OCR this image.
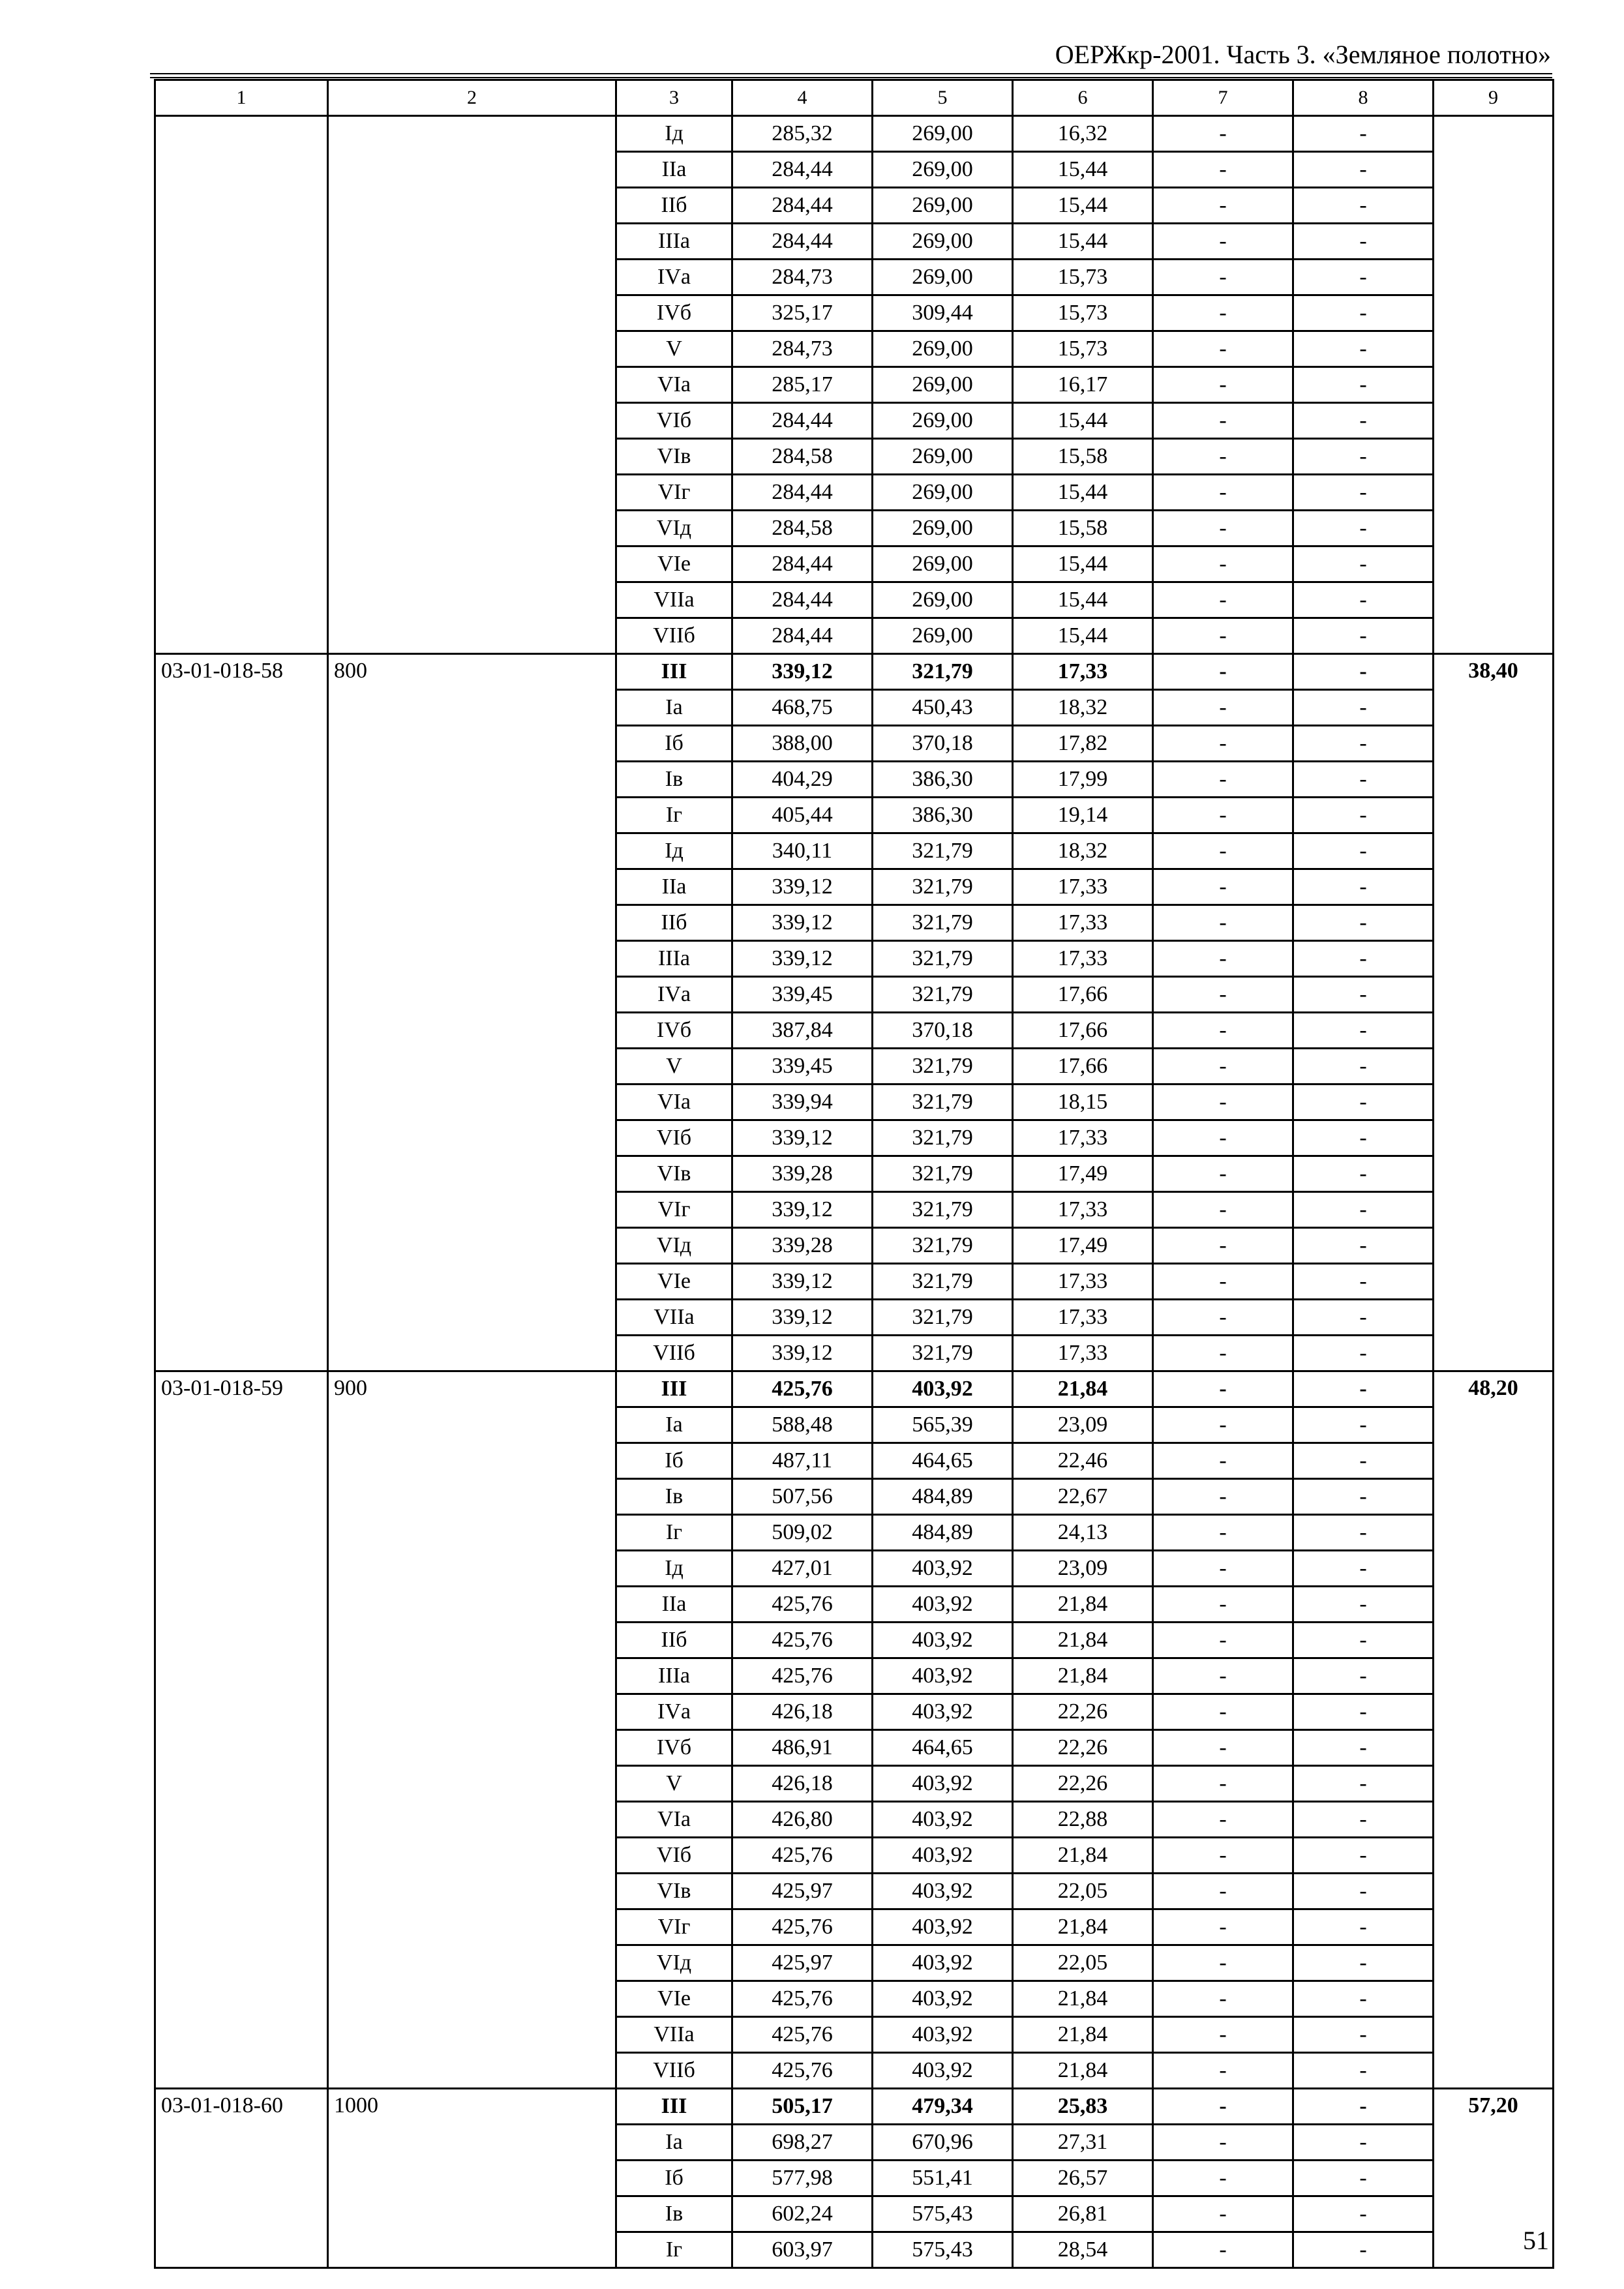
ОЕРЖкр-2001. Часть 3. «Земляное полотно»
1	2	3	4	5	6	7	8	9
		Iд	285,32	269,00	16,32	-	-	
		IIа	284,44	269,00	15,44	-	-	
		IIб	284,44	269,00	15,44	-	-	
		IIIа	284,44	269,00	15,44	-	-	
		IVа	284,73	269,00	15,73	-	-	
		IVб	325,17	309,44	15,73	-	-	
		V	284,73	269,00	15,73	-	-	
		VIа	285,17	269,00	16,17	-	-	
		VIб	284,44	269,00	15,44	-	-	
		VIв	284,58	269,00	15,58	-	-	
		VIг	284,44	269,00	15,44	-	-	
		VIд	284,58	269,00	15,58	-	-	
		VIе	284,44	269,00	15,44	-	-	
		VIIа	284,44	269,00	15,44	-	-	
		VIIб	284,44	269,00	15,44	-	-	
03-01-018-58	800	III	339,12	321,79	17,33	-	-	38,40
		Iа	468,75	450,43	18,32	-	-	
		Iб	388,00	370,18	17,82	-	-	
		Iв	404,29	386,30	17,99	-	-	
		Iг	405,44	386,30	19,14	-	-	
		Iд	340,11	321,79	18,32	-	-	
		IIа	339,12	321,79	17,33	-	-	
		IIб	339,12	321,79	17,33	-	-	
		IIIа	339,12	321,79	17,33	-	-	
		IVа	339,45	321,79	17,66	-	-	
		IVб	387,84	370,18	17,66	-	-	
		V	339,45	321,79	17,66	-	-	
		VIа	339,94	321,79	18,15	-	-	
		VIб	339,12	321,79	17,33	-	-	
		VIв	339,28	321,79	17,49	-	-	
		VIг	339,12	321,79	17,33	-	-	
		VIд	339,28	321,79	17,49	-	-	
		VIе	339,12	321,79	17,33	-	-	
		VIIа	339,12	321,79	17,33	-	-	
		VIIб	339,12	321,79	17,33	-	-	
03-01-018-59	900	III	425,76	403,92	21,84	-	-	48,20
		Iа	588,48	565,39	23,09	-	-	
		Iб	487,11	464,65	22,46	-	-	
		Iв	507,56	484,89	22,67	-	-	
		Iг	509,02	484,89	24,13	-	-	
		Iд	427,01	403,92	23,09	-	-	
		IIа	425,76	403,92	21,84	-	-	
		IIб	425,76	403,92	21,84	-	-	
		IIIа	425,76	403,92	21,84	-	-	
		IVа	426,18	403,92	22,26	-	-	
		IVб	486,91	464,65	22,26	-	-	
		V	426,18	403,92	22,26	-	-	
		VIа	426,80	403,92	22,88	-	-	
		VIб	425,76	403,92	21,84	-	-	
		VIв	425,97	403,92	22,05	-	-	
		VIг	425,76	403,92	21,84	-	-	
		VIд	425,97	403,92	22,05	-	-	
		VIе	425,76	403,92	21,84	-	-	
		VIIа	425,76	403,92	21,84	-	-	
		VIIб	425,76	403,92	21,84	-	-	
03-01-018-60	1000	III	505,17	479,34	25,83	-	-	57,20
		Iа	698,27	670,96	27,31	-	-	
		Iб	577,98	551,41	26,57	-	-	
		Iв	602,24	575,43	26,81	-	-	
		Iг	603,97	575,43	28,54	-	-		51
